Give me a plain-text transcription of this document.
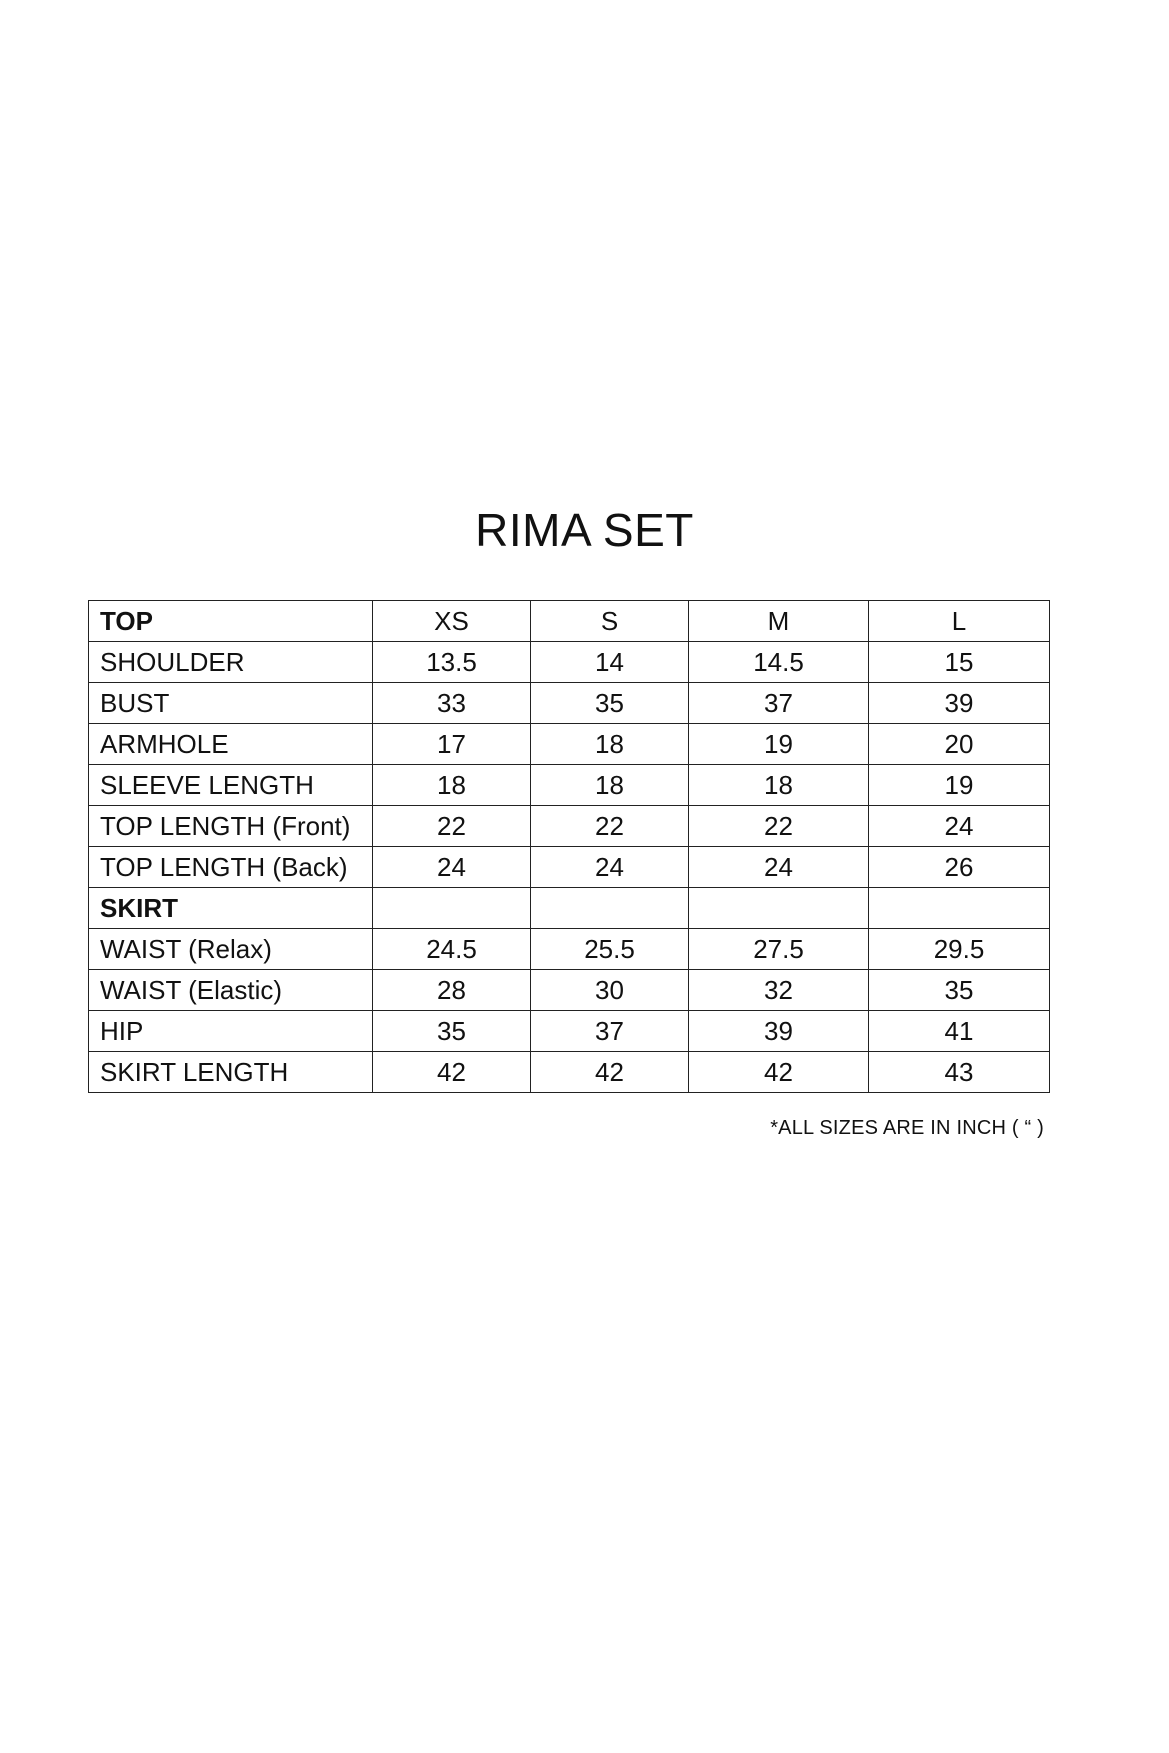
RIMA SET
TOP	XS	S	M	L
SHOULDER	13.5	14	14.5	15
BUST	33	35	37	39
ARMHOLE	17	18	19	20
SLEEVE LENGTH	18	18	18	19
TOP LENGTH (Front)	22	22	22	24
TOP LENGTH (Back)	24	24	24	26
SKIRT				
WAIST (Relax)	24.5	25.5	27.5	29.5
WAIST (Elastic)	28	30	32	35
HIP	35	37	39	41
SKIRT LENGTH	42	42	42	43
*ALL SIZES ARE IN INCH ( “ )
